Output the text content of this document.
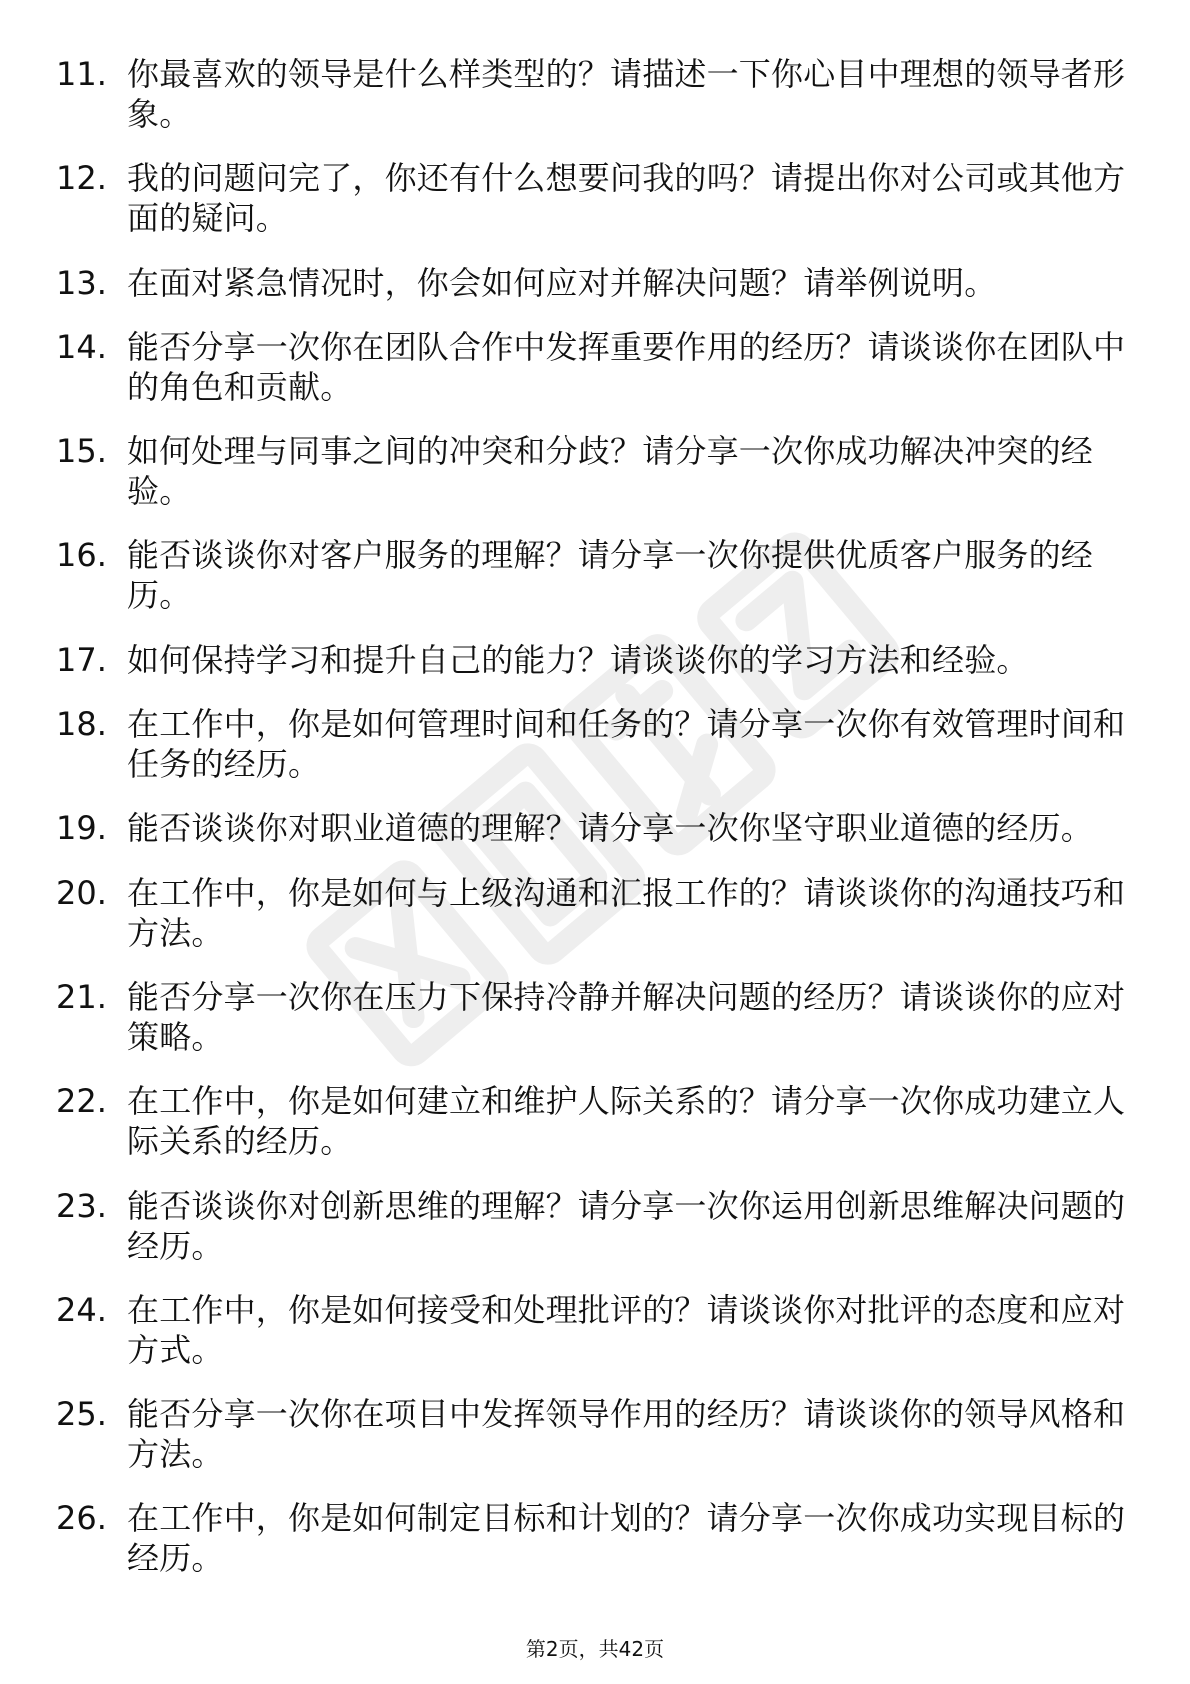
11. 你最喜欢的领导是什么样类型的？请描述一下你心目中理想的领导者形象。
12. 我的问题问完了，你还有什么想要问我的吗？请提出你对公司或其他方面的疑问。
13. 在面对紧急情况时，你会如何应对并解决问题？请举例说明。
14. 能否分享一次你在团队合作中发挥重要作用的经历？请谈谈你在团队中的角色和贡献。
15. 如何处理与同事之间的冲突和分歧？请分享一次你成功解决冲突的经验。
16. 能否谈谈你对客户服务的理解？请分享一次你提供优质客户服务的经历。
17. 如何保持学习和提升自己的能力？请谈谈你的学习方法和经验。
18. 在工作中，你是如何管理时间和任务的？请分享一次你有效管理时间和任务的经历。
19. 能否谈谈你对职业道德的理解？请分享一次你坚守职业道德的经历。
20. 在工作中，你是如何与上级沟通和汇报工作的？请谈谈你的沟通技巧和方法。
21. 能否分享一次你在压力下保持冷静并解决问题的经历？请谈谈你的应对策略。
22. 在工作中，你是如何建立和维护人际关系的？请分享一次你成功建立人际关系的经历。
23. 能否谈谈你对创新思维的理解？请分享一次你运用创新思维解决问题的经历。
24. 在工作中，你是如何接受和处理批评的？请谈谈你对批评的态度和应对方式。
25. 能否分享一次你在项目中发挥领导作用的经历？请谈谈你的领导风格和方法。
26. 在工作中，你是如何制定目标和计划的？请分享一次你成功实现目标的经历。
第2页，共42页
